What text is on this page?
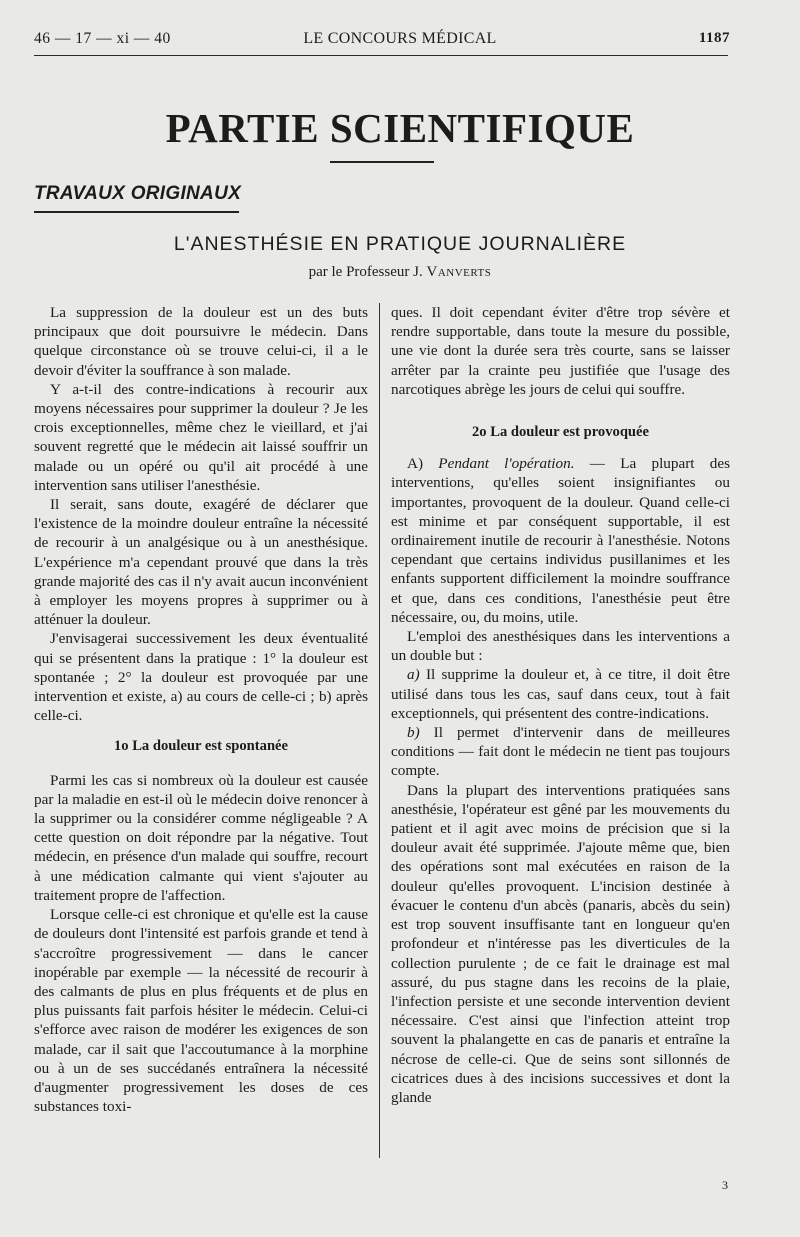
46 — 17 — xi — 40	LE CONCOURS MÉDICAL	1187
PARTIE SCIENTIFIQUE
TRAVAUX ORIGINAUX
L'ANESTHÉSIE EN PRATIQUE JOURNALIÈRE
par le Professeur J. Vanverts

La suppression de la douleur est un des buts principaux que doit poursuivre le médecin. Dans quelque circonstance où se trouve celui-ci, il a le devoir d'éviter la souffrance à son malade.

Y a-t-il des contre-indications à recourir aux moyens nécessaires pour supprimer la douleur ? Je les crois exceptionnelles, même chez le vieillard, et j'ai souvent regretté que le médecin ait laissé souffrir un malade ou un opéré ou qu'il ait procédé à une intervention sans utiliser l'anesthésie.

Il serait, sans doute, exagéré de déclarer que l'existence de la moindre douleur entraîne la nécessité de recourir à un analgésique ou à un anesthésique. L'expérience m'a cependant prouvé que dans la très grande majorité des cas il n'y avait aucun inconvénient à employer les moyens propres à supprimer ou à atténuer la douleur.

J'envisagerai successivement les deux éventualité qui se présentent dans la pratique : 1° la douleur est spontanée ; 2° la douleur est provoquée par une intervention et existe, a) au cours de celle-ci ; b) après celle-ci.

1o La douleur est spontanée

Parmi les cas si nombreux où la douleur est causée par la maladie en est-il où le médecin doive renoncer à la supprimer ou la considérer comme négligeable ? A cette question on doit répondre par la négative. Tout médecin, en présence d'un malade qui souffre, recourt à une médication calmante qui vient s'ajouter au traitement propre de l'affection.

Lorsque celle-ci est chronique et qu'elle est la cause de douleurs dont l'intensité est parfois grande et tend à s'accroître progressivement — dans le cancer inopérable par exemple — la nécessité de recourir à des calmants de plus en plus fréquents et de plus en plus puissants fait parfois hésiter le médecin. Celui-ci s'efforce avec raison de modérer les exigences de son malade, car il sait que l'accoutumance à la morphine ou à un de ses succédanés entraînera la nécessité d'augmenter progressivement les doses de ces substances toxi-

ques. Il doit cependant éviter d'être trop sévère et rendre supportable, dans toute la mesure du possible, une vie dont la durée sera très courte, sans se laisser arrêter par la crainte peu justifiée que l'usage des narcotiques abrège les jours de celui qui souffre.

2o La douleur est provoquée

A) Pendant l'opération. — La plupart des interventions, qu'elles soient insignifiantes ou importantes, provoquent de la douleur. Quand celle-ci est minime et par conséquent supportable, il est ordinairement inutile de recourir à l'anesthésie. Notons cependant que certains individus pusillanimes et les enfants supportent difficilement la moindre souffrance et que, dans ces conditions, l'anesthésie peut être nécessaire, ou, du moins, utile.

L'emploi des anesthésiques dans les interventions a un double but :

a) Il supprime la douleur et, à ce titre, il doit être utilisé dans tous les cas, sauf dans ceux, tout à fait exceptionnels, qui présentent des contre-indications.

b) Il permet d'intervenir dans de meilleures conditions — fait dont le médecin ne tient pas toujours compte.

Dans la plupart des interventions pratiquées sans anesthésie, l'opérateur est gêné par les mouvements du patient et il agit avec moins de précision que si la douleur avait été supprimée. J'ajoute même que, bien des opérations sont mal exécutées en raison de la douleur qu'elles provoquent. L'incision destinée à évacuer le contenu d'un abcès (panaris, abcès du sein) est trop souvent insuffisante tant en longueur qu'en profondeur et n'intéresse pas les diverticules de la collection purulente ; de ce fait le drainage est mal assuré, du pus stagne dans les recoins de la plaie, l'infection persiste et une seconde intervention devient nécessaire. C'est ainsi que l'infection atteint trop souvent la phalangette en cas de panaris et entraîne la nécrose de celle-ci. Que de seins sont sillonnés de cicatrices dues à des incisions successives et dont la glande

3
